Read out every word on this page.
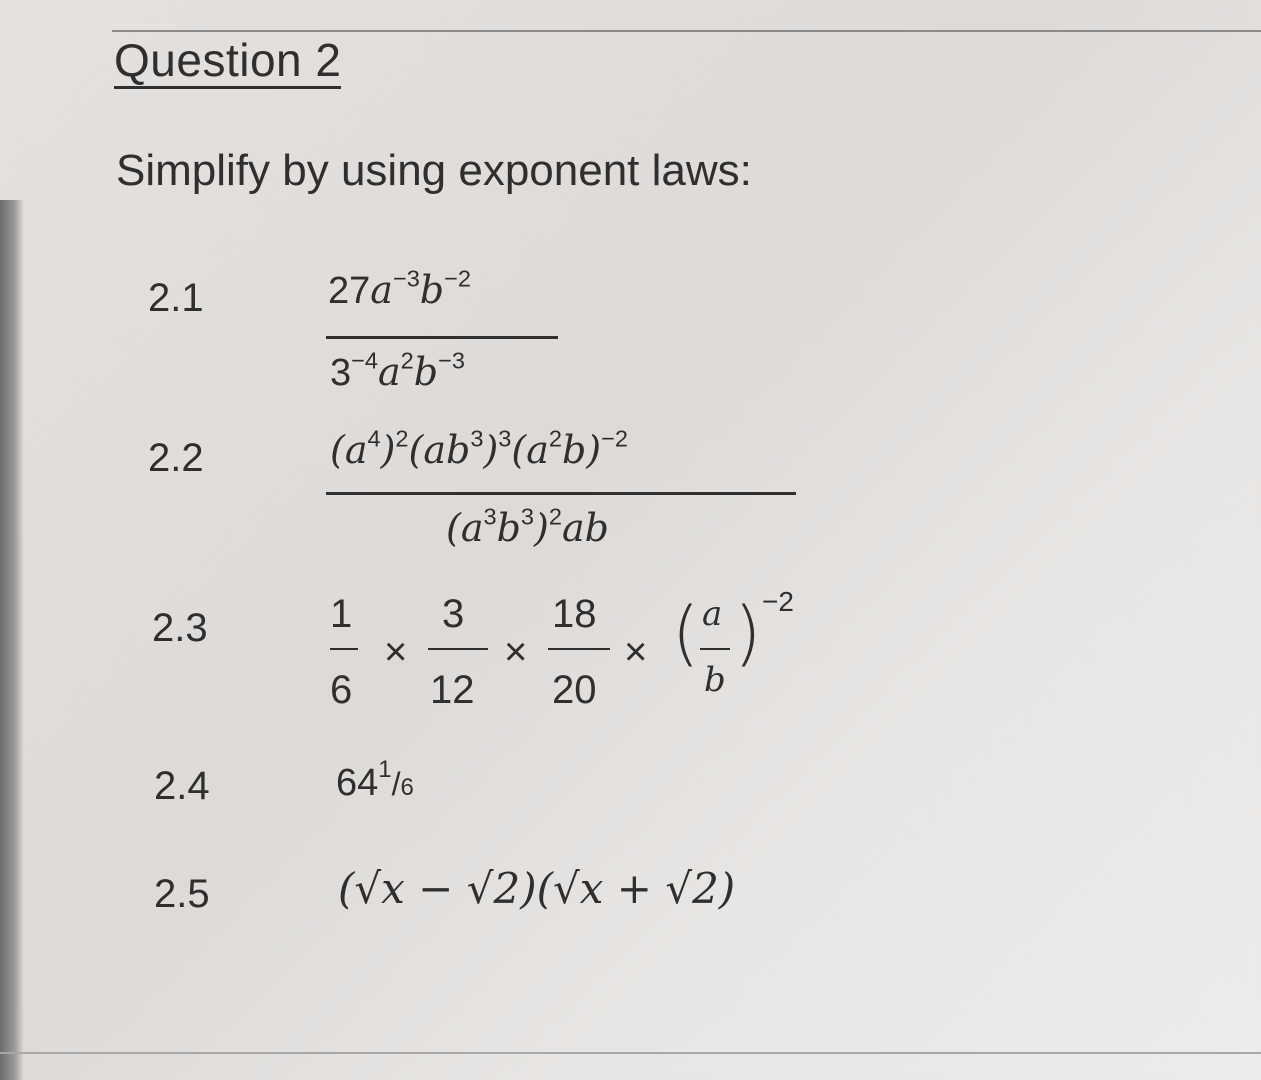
Question 2
Simplify by using exponent laws:
2.1	$27a^{-3}b^{-2}$
$3^{-4}a^2b^{-3}$
2.2	$(a^4)^2(ab^3)^3(a^2b)^{-2}$
$(a^3b^3)^2ab$
2.3	1
6
×
3
12
×
18
20
× ( a
b
) −2
2.4	$64^1/6$
2.5	(√x − √2)(√x + √2)
